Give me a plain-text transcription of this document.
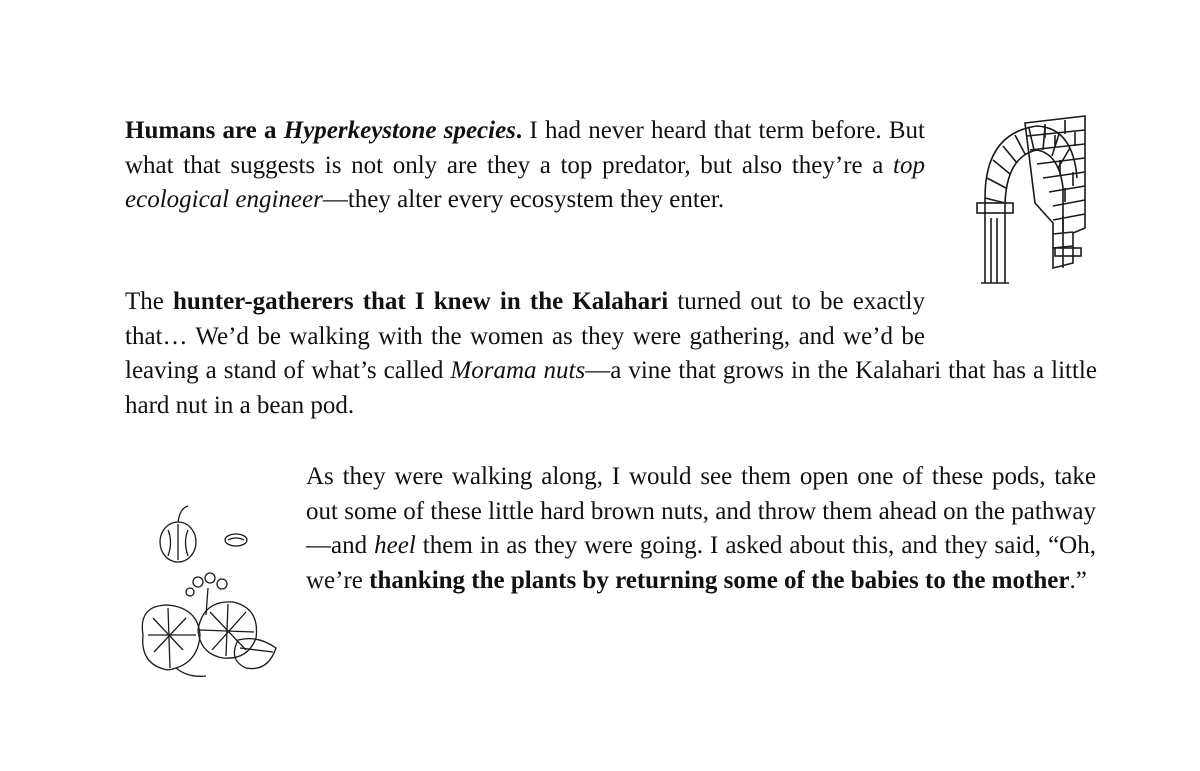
Humans are a Hyperkeystone species. I had never heard that term before. But what that suggests is not only are they a top predator, but also they’re a top ecological engineer—they alter every ecosystem they enter.

The hunter-gatherers that I knew in the Kalahari turned out to be exactly that… We’d be walking with the women as they were gathering, and we’d be leaving a stand of what’s called Morama nuts—a vine that grows in the Kalahari that has a little hard nut in a bean pod.

As they were walking along, I would see them open one of these pods, take out some of these little hard brown nuts, and throw them ahead on the pathway—and heel them in as they were going. I asked about this, and they said, “Oh, we’re thanking the plants by returning some of the babies to the mother.”
